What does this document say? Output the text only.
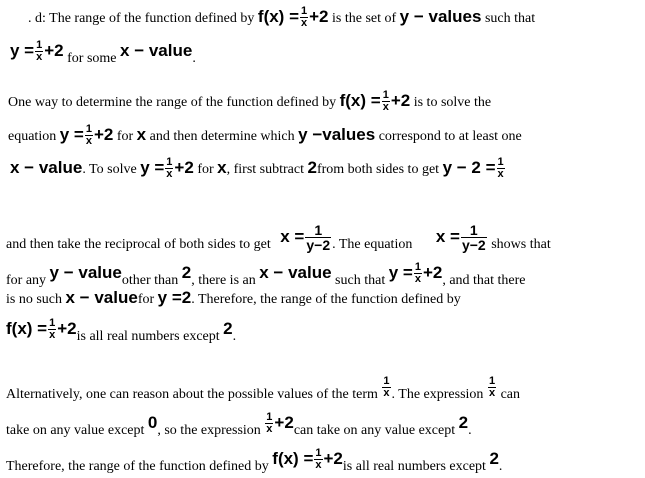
. d: The range of the function defined by $f(x) = \frac{1}{x} +2$ is the set of y − values such that
$y = \frac{1}{x} +2$ for some x − value.
One way to determine the range of the function defined by $f(x) = \frac{1}{x} +2$ is to solve the
equation $y = \frac{1}{x} +2$ for x and then determine which y −values correspond to at least one
x − value. To solve $y = \frac{1}{x} +2$ for x, first subtract 2from both sides to get $y - 2 = \frac{1}{x}$
and then take the reciprocal of both sides to get $x = \frac{1}{y-2}$ . The equation $x = \frac{1}{y-2}$ shows that
for any y − valueother than 2, there is an x − value such that $y = \frac{1}{x} +2$, and that there
is no such x − valuefor y =2. Therefore, the range of the function defined by
$f(x) = \frac{1}{x} +2is$ all real numbers except 2.
Alternatively, one can reason about the possible values of the term $\frac{1}{x}$ . The expression $\frac{1}{x}$ can
take on any value except 0, so the expression $\frac{1}{x} +2can$ take on any value except 2.
Therefore, the range of the function defined by $f(x) = \frac{1}{x} +2is$ all real numbers except 2.
